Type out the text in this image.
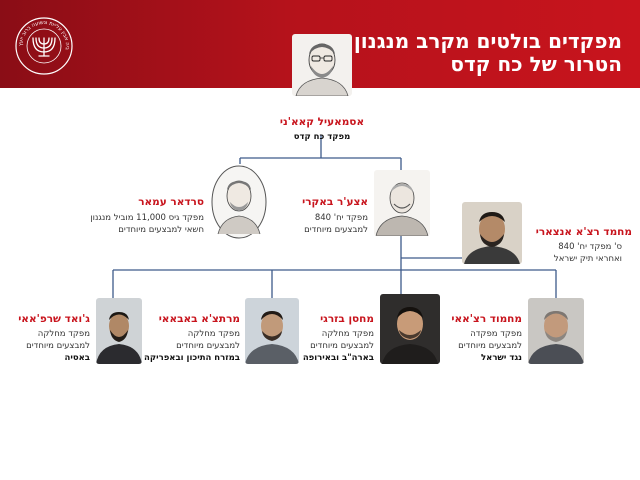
מפקדים בולטים מקרב מנגנון
הטרור של כח קדס
ביה אבין עלייות ונשועה ברוב יועץ
אסמאעיל קאא'ני
מפקד כח קדס
סרדאר עמאר
מפקד גיס 11,000 מוביל מנגנון
חשאי למבצעים מיוחדים
אצע'ר באקרי
מפקד יח' 840
למבצעים מיוחדים	מחמד רצ'א אנצארי
ס' מפקד יח' 840
ואחראי תיק ישראל
ג'ואד שרפ'אאי
מפקד מחלקה
למבצעים מיוחדים
באסיה
מרתצ'א באבאאי
מפקד מחלקה
למבצעים מיוחדים
במזרח התיכון ובאפריקה
מחסן בזרגי
מפקד מחלקה
למבצעים מיוחדים
בארה"ב ובאירופה
מחמוד רצ'אאי
מפקד מפקדה
למבצעים מיוחדים
נגד ישראל
